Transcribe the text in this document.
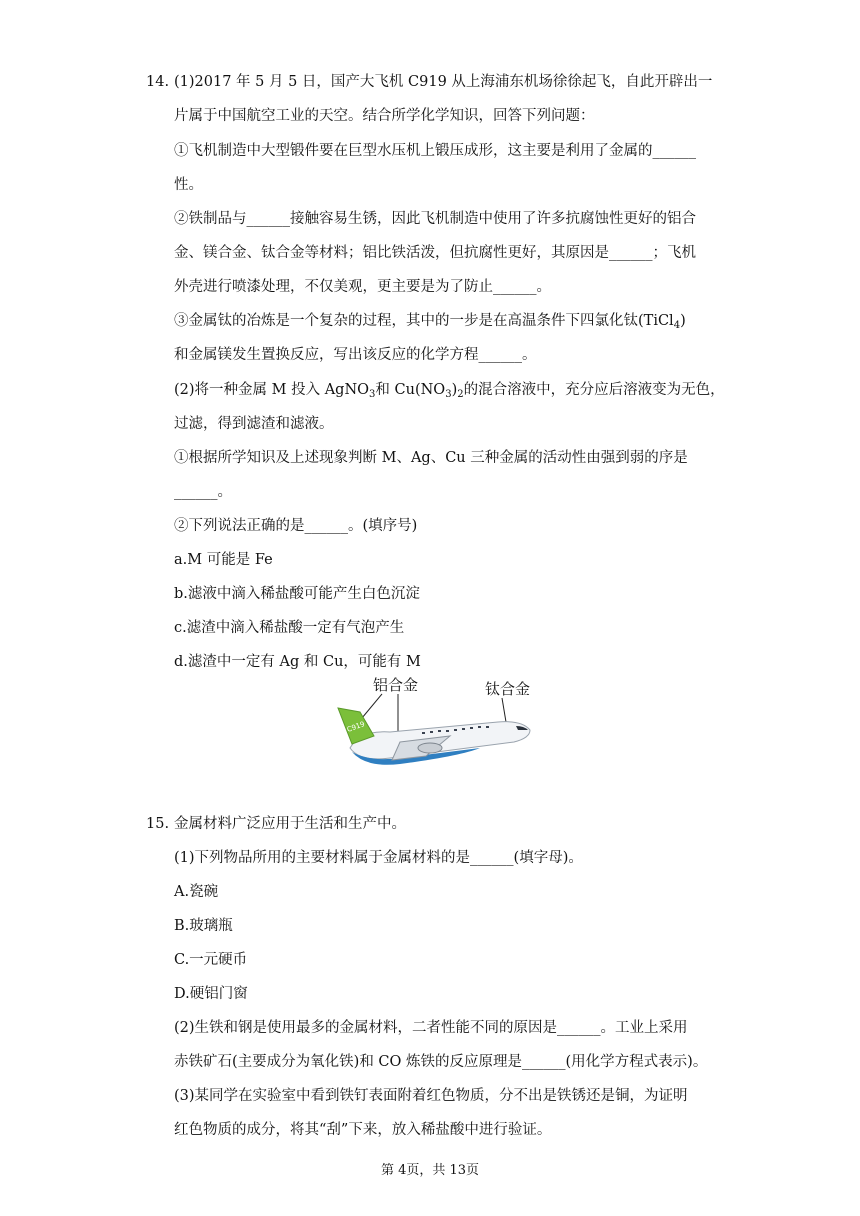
14. (1)2017 年 5 月 5 日，国产大飞机 C919 从上海浦东机场徐徐起飞，自此开辟出一
片属于中国航空工业的天空。结合所学化学知识，回答下列问题：
①飞机制造中大型锻件要在巨型水压机上锻压成形，这主要是利用了金属的______
性。
②铁制品与______接触容易生锈，因此飞机制造中使用了许多抗腐蚀性更好的铝合
金、镁合金、钛合金等材料；铝比铁活泼，但抗腐性更好，其原因是______；飞机
外壳进行喷漆处理，不仅美观，更主要是为了防止______。
③金属钛的冶炼是一个复杂的过程，其中的一步是在高温条件下四氯化钛(TiCl$_4$)
和金属镁发生置换反应，写出该反应的化学方程______。
(2)将一种金属 M 投入 AgNO$_3$和 $Cu(NO_3)_2$的混合溶液中，充分应后溶液变为无色，
过滤，得到滤渣和滤液。
①根据所学知识及上述现象判断 M、Ag、Cu 三种金属的活动性由强到弱的序是
______。
②下列说法正确的是______。(填序号)
a.M 可能是 Fe
b.滤液中滴入稀盐酸可能产生白色沉淀
c.滤渣中滴入稀盐酸一定有气泡产生
d.滤渣中一定有 Ag 和 Cu，可能有 M
铝合金	钛合金
C919
15. 金属材料广泛应用于生活和生产中。
(1)下列物品所用的主要材料属于金属材料的是______(填字母)。
A.瓷碗
B.玻璃瓶
C.一元硬币
D.硬铝门窗
(2)生铁和钢是使用最多的金属材料，二者性能不同的原因是______。工业上采用
赤铁矿石(主要成分为氧化铁)和 CO 炼铁的反应原理是______(用化学方程式表示)。
(3)某同学在实验室中看到铁钉表面附着红色物质，分不出是铁锈还是铜，为证明
红色物质的成分，将其“刮”下来，放入稀盐酸中进行验证。
第 4页，共 13页
